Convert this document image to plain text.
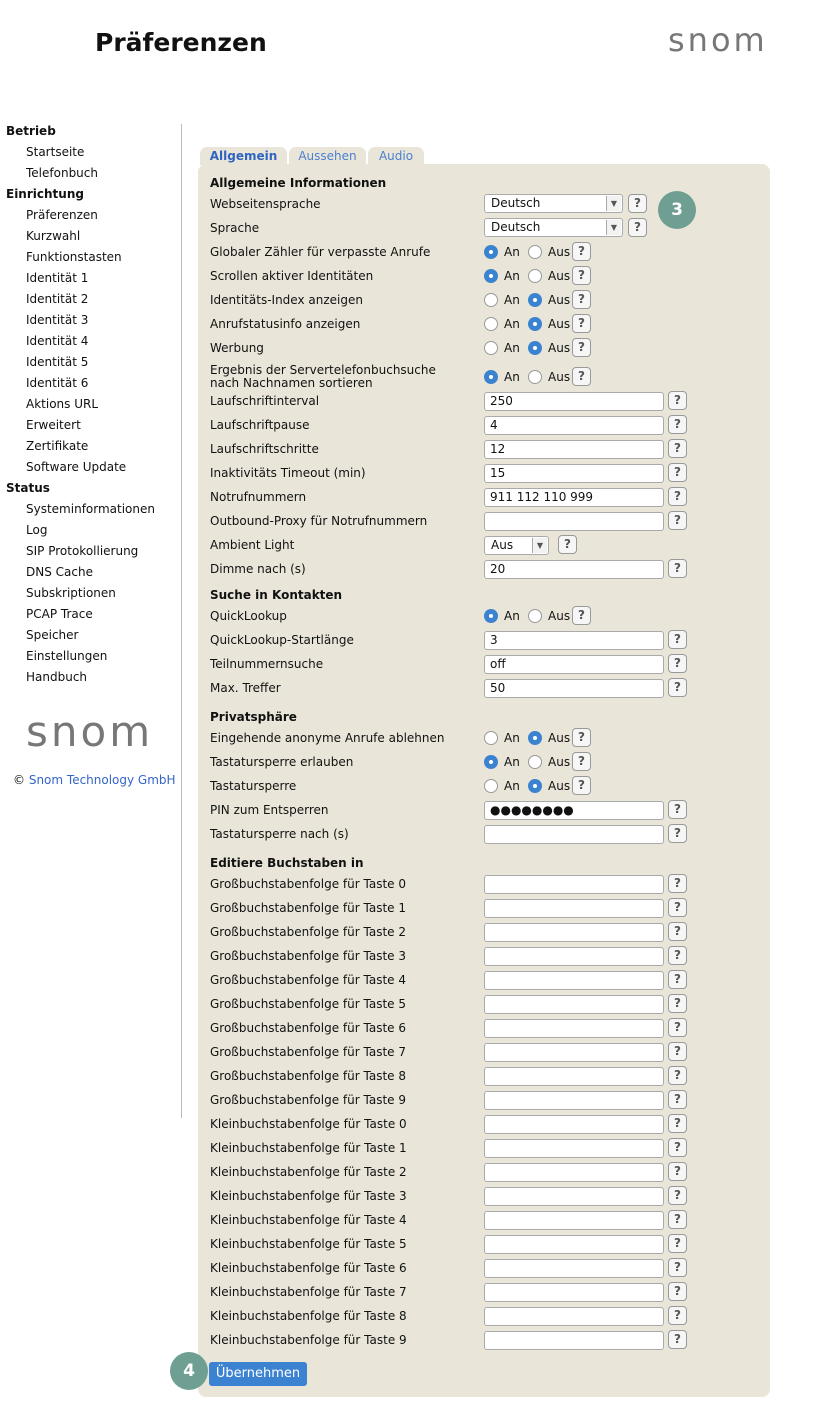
Präferenzen	snom
Betrieb
Startseite
Telefonbuch
Einrichtung
Präferenzen
Kurzwahl
Funktionstasten
Identität 1
Identität 2
Identität 3
Identität 4
Identität 5
Identität 6
Aktions URL
Erweitert
Zertifikate
Software Update
Status
Systeminformationen
Log
SIP Protokollierung
DNS Cache
Subskriptionen
PCAP Trace
Speicher
Einstellungen
Handbuch
snom
© Snom Technology GmbH
Allgemein	Aussehen	Audio
Allgemeine Informationen
Webseitensprache	Deutsch	▼	?
Sprache	Deutsch	▼	?
Globaler Zähler für verpasste Anrufe	An Aus ?
Scrollen aktiver Identitäten	An Aus ?
Identitäts-Index anzeigen	An Aus ?
Anrufstatusinfo anzeigen	An Aus ?
Werbung	An Aus ?
Ergebnis der Servertelefonbuchsuche nach Nachnamen sortieren	An Aus ?
Laufschriftinterval	250	?
Laufschriftpause	4	?
Laufschriftschritte	12	?
Inaktivitäts Timeout (min)	15	?
Notrufnummern	911 112 110 999	?
Outbound-Proxy für Notrufnummern	?
Ambient Light	Aus	▼	?
Dimme nach (s)	20	?
Suche in Kontakten
QuickLookup	An Aus ?
QuickLookup-Startlänge	3	?
Teilnummernsuche	off	?
Max. Treffer	50	?
Privatsphäre
Eingehende anonyme Anrufe ablehnen	An Aus ?
Tastatursperre erlauben	An Aus ?
Tastatursperre	An Aus ?
PIN zum Entsperren	●●●●●●●●	?
Tastatursperre nach (s)	?
Editiere Buchstaben in
Großbuchstabenfolge für Taste 0	?
Großbuchstabenfolge für Taste 1	?
Großbuchstabenfolge für Taste 2	?
Großbuchstabenfolge für Taste 3	?
Großbuchstabenfolge für Taste 4	?
Großbuchstabenfolge für Taste 5	?
Großbuchstabenfolge für Taste 6	?
Großbuchstabenfolge für Taste 7	?
Großbuchstabenfolge für Taste 8	?
Großbuchstabenfolge für Taste 9	?
Kleinbuchstabenfolge für Taste 0	?
Kleinbuchstabenfolge für Taste 1	?
Kleinbuchstabenfolge für Taste 2	?
Kleinbuchstabenfolge für Taste 3	?
Kleinbuchstabenfolge für Taste 4	?
Kleinbuchstabenfolge für Taste 5	?
Kleinbuchstabenfolge für Taste 6	?
Kleinbuchstabenfolge für Taste 7	?
Kleinbuchstabenfolge für Taste 8	?
Kleinbuchstabenfolge für Taste 9	?
3
4	Übernehmen
